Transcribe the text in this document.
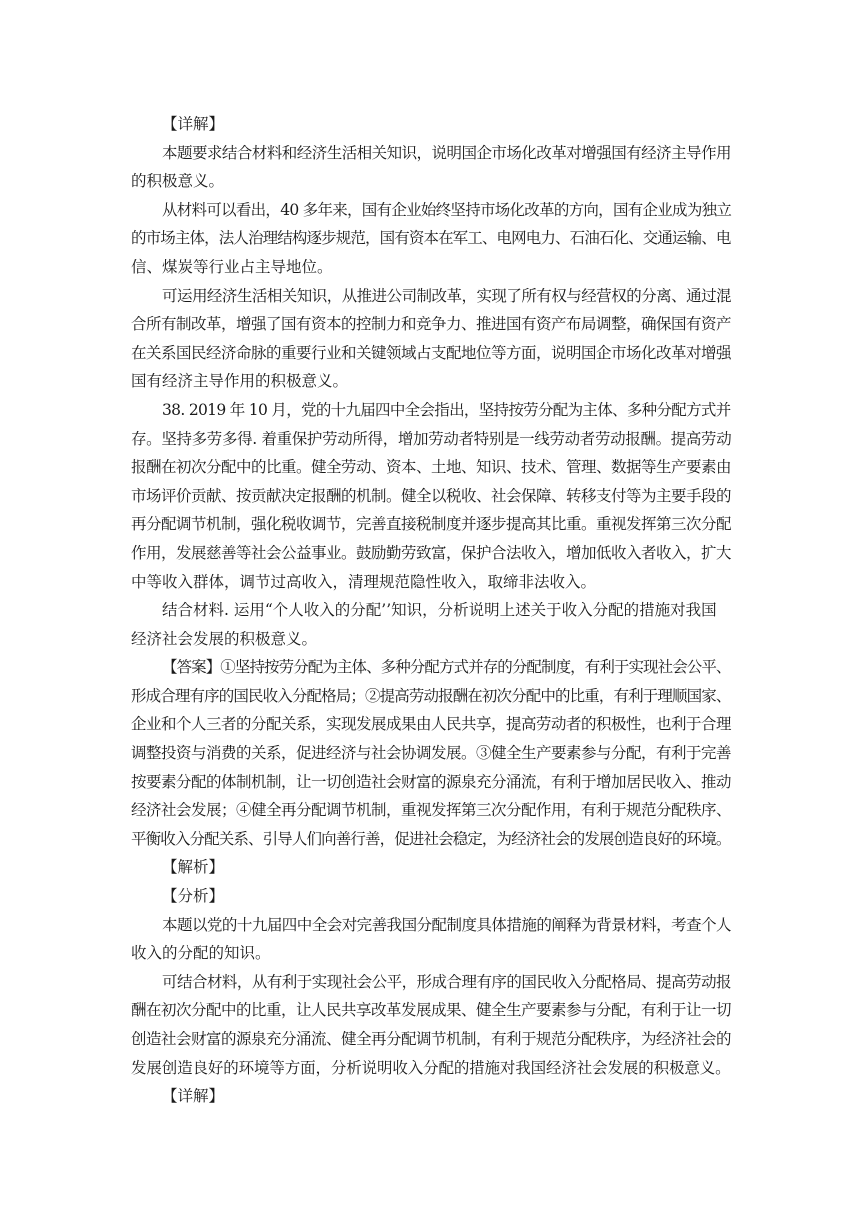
【详解】
本题要求结合材料和经济生活相关知识，说明国企市场化改革对增强国有经济主导作用
的积极意义。
从材料可以看出，40 多年来，国有企业始终坚持市场化改革的方向，国有企业成为独立
的市场主体，法人治理结构逐步规范，国有资本在军工、电网电力、石油石化、交通运输、电
信、煤炭等行业占主导地位。
可运用经济生活相关知识，从推进公司制改革，实现了所有权与经营权的分离、通过混
合所有制改革，增强了国有资本的控制力和竞争力、推进国有资产布局调整，确保国有资产
在关系国民经济命脉的重要行业和关键领域占支配地位等方面，说明国企市场化改革对增强
国有经济主导作用的积极意义。
38. 2019 年 10 月，党的十九届四中全会指出，坚持按劳分配为主体、多种分配方式并
存。坚持多劳多得. 着重保护劳动所得，增加劳动者特别是一线劳动者劳动报酬。提高劳动
报酬在初次分配中的比重。健全劳动、资本、土地、知识、技术、管理、数据等生产要素由
市场评价贡献、按贡献决定报酬的机制。健全以税收、社会保障、转移支付等为主要手段的
再分配调节机制，强化税收调节，完善直接税制度并逐步提高其比重。重视发挥第三次分配
作用，发展慈善等社会公益事业。鼓励勤劳致富，保护合法收入，增加低收入者收入，扩大
中等收入群体，调节过高收入，清理规范隐性收入，取缔非法收入。
结合材料. 运用“个人收入的分配’’知识，分析说明上述关于收入分配的措施对我国
经济社会发展的积极意义。
【答案】①坚持按劳分配为主体、多种分配方式并存的分配制度，有利于实现社会公平、
形成合理有序的国民收入分配格局；②提高劳动报酬在初次分配中的比重，有利于理顺国家、
企业和个人三者的分配关系，实现发展成果由人民共享，提高劳动者的积极性，也利于合理
调整投资与消费的关系，促进经济与社会协调发展。③健全生产要素参与分配，有利于完善
按要素分配的体制机制，让一切创造社会财富的源泉充分涌流，有利于增加居民收入、推动
经济社会发展；④健全再分配调节机制，重视发挥第三次分配作用，有利于规范分配秩序、
平衡收入分配关系、引导人们向善行善，促进社会稳定，为经济社会的发展创造良好的环境。
【解析】
【分析】
本题以党的十九届四中全会对完善我国分配制度具体措施的阐释为背景材料，考查个人
收入的分配的知识。
可结合材料，从有利于实现社会公平，形成合理有序的国民收入分配格局、提高劳动报
酬在初次分配中的比重，让人民共享改革发展成果、健全生产要素参与分配，有利于让一切
创造社会财富的源泉充分涌流、健全再分配调节机制，有利于规范分配秩序，为经济社会的
发展创造良好的环境等方面，分析说明收入分配的措施对我国经济社会发展的积极意义。
【详解】
